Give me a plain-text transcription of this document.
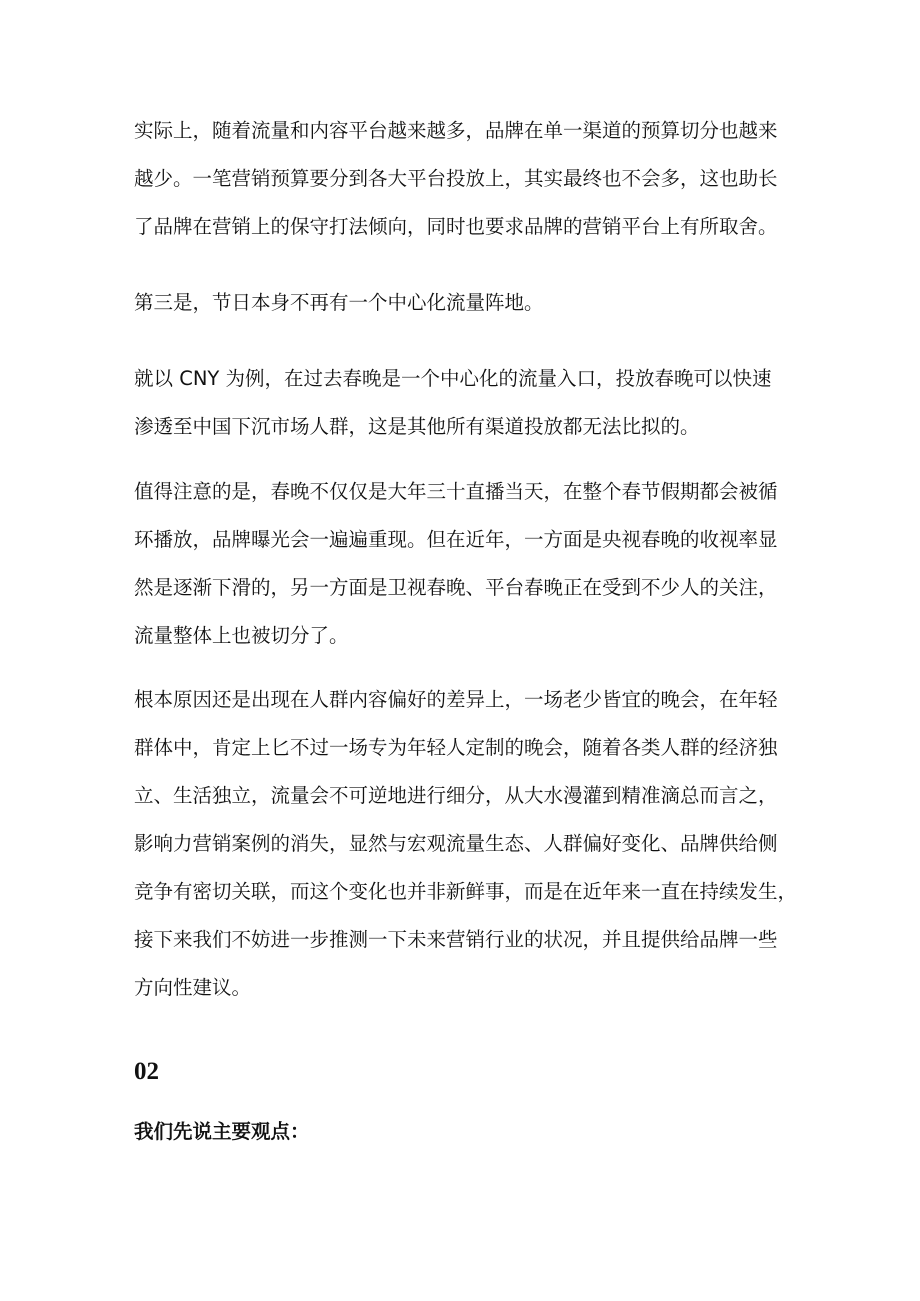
实际上，随着流量和内容平台越来越多，品牌在单一渠道的预算切分也越来
越少。一笔营销预算要分到各大平台投放上，其实最终也不会多，这也助长
了品牌在营销上的保守打法倾向，同时也要求品牌的营销平台上有所取舍。

第三是，节日本身不再有一个中心化流量阵地。

就以 CNY 为例，在过去春晚是一个中心化的流量入口，投放春晚可以快速
渗透至中国下沉市场人群，这是其他所有渠道投放都无法比拟的。

值得注意的是，春晚不仅仅是大年三十直播当天，在整个春节假期都会被循
环播放，品牌曝光会一遍遍重现。但在近年，一方面是央视春晚的收视率显
然是逐渐下滑的，另一方面是卫视春晚、平台春晚正在受到不少人的关注，
流量整体上也被切分了。

根本原因还是出现在人群内容偏好的差异上，一场老少皆宜的晚会，在年轻
群体中，肯定上匕不过一场专为年轻人定制的晚会，随着各类人群的经济独
立、生活独立，流量会不可逆地进行细分，从大水漫灌到精准滴总而言之，
影响力营销案例的消失，显然与宏观流量生态、人群偏好变化、品牌供给侧
竞争有密切关联，而这个变化也并非新鲜事，而是在近年来一直在持续发生，
接下来我们不妨进一步推测一下未来营销行业的状况，并且提供给品牌一些
方向性建议。

02
我们先说主要观点：
